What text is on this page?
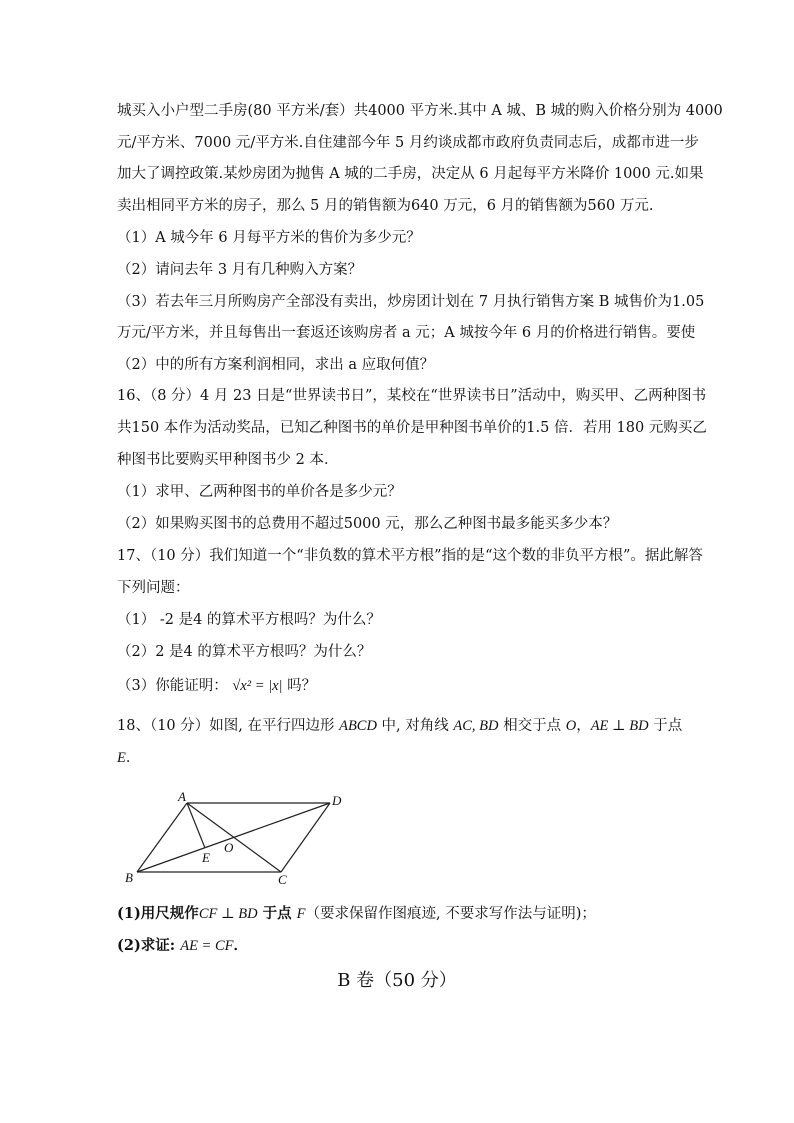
城买入小户型二手房(80 平方米/套）共4000 平方米.其中 A 城、B 城的购入价格分别为 4000
元/平方米、7000 元/平方米.自住建部今年 5 月约谈成都市政府负责同志后，成都市进一步
加大了调控政策.某炒房团为抛售 A 城的二手房，决定从 6 月起每平方米降价 1000 元.如果
卖出相同平方米的房子，那么 5 月的销售额为640 万元，6 月的销售额为560 万元.
（1）A 城今年 6 月每平方米的售价为多少元？
（2）请问去年 3 月有几种购入方案？
（3）若去年三月所购房产全部没有卖出，炒房团计划在 7 月执行销售方案 B 城售价为1.05
万元/平方米，并且每售出一套返还该购房者 a 元；A 城按今年 6 月的价格进行销售。要使
（2）中的所有方案利润相同，求出 a 应取何值？
16、（8 分）4 月 23 日是“世界读书日”，某校在“世界读书日”活动中，购买甲、乙两种图书
共150 本作为活动奖品，已知乙种图书的单价是甲种图书单价的1.5 倍．若用 180 元购买乙
种图书比要购买甲种图书少 2 本．
（1）求甲、乙两种图书的单价各是多少元？
（2）如果购买图书的总费用不超过5000 元，那么乙种图书最多能买多少本？
17、（10 分）我们知道一个“非负数的算术平方根”指的是“这个数的非负平方根”。据此解答
下列问题：
（1） -2 是4 的算术平方根吗？为什么？
（2）2 是4 的算术平方根吗？为什么？
（3）你能证明： √x² = |x| 吗？
18、（10 分）如图, 在平行四边形 ABCD 中, 对角线 AC, BD 相交于点 O，AE ⊥ BD 于点
E．
A
B	C
D
E
O
(1)用尺规作CF ⊥ BD 于点 F（要求保留作图痕迹, 不要求写作法与证明)；
(2)求证: AE = CF．
B 卷（50 分）
